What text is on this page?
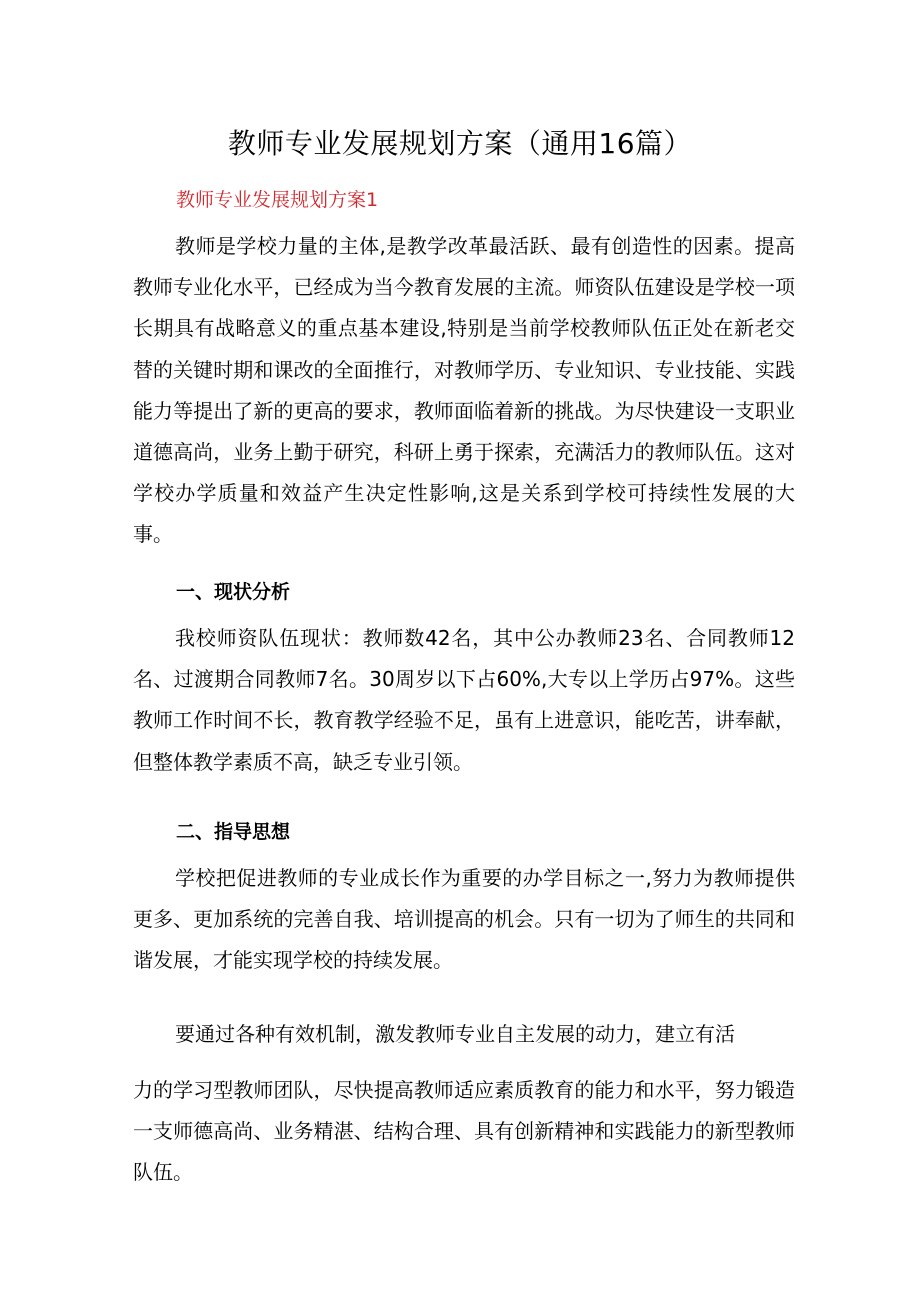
教师专业发展规划方案（通用16篇）
教师专业发展规划方案1

教师是学校力量的主体,是教学改革最活跃、最有创造性的因素。提高教师专业化水平，已经成为当今教育发展的主流。师资队伍建设是学校一项长期具有战略意义的重点基本建设,特别是当前学校教师队伍正处在新老交替的关键时期和课改的全面推行，对教师学历、专业知识、专业技能、实践能力等提出了新的更高的要求，教师面临着新的挑战。为尽快建设一支职业道德高尚，业务上勤于研究，科研上勇于探索，充满活力的教师队伍。这对学校办学质量和效益产生决定性影响,这是关系到学校可持续性发展的大事。

一、现状分析

我校师资队伍现状：教师数42名，其中公办教师23名、合同教师12名、过渡期合同教师7名。30周岁以下占60%,大专以上学历占97%。这些教师工作时间不长，教育教学经验不足，虽有上进意识，能吃苦，讲奉献，但整体教学素质不高，缺乏专业引领。

二、指导思想

学校把促进教师的专业成长作为重要的办学目标之一,努力为教师提供更多、更加系统的完善自我、培训提高的机会。只有一切为了师生的共同和谐发展，才能实现学校的持续发展。

要通过各种有效机制，激发教师专业自主发展的动力，建立有活

力的学习型教师团队，尽快提高教师适应素质教育的能力和水平，努力锻造一支师德高尚、业务精湛、结构合理、具有创新精神和实践能力的新型教师队伍。
